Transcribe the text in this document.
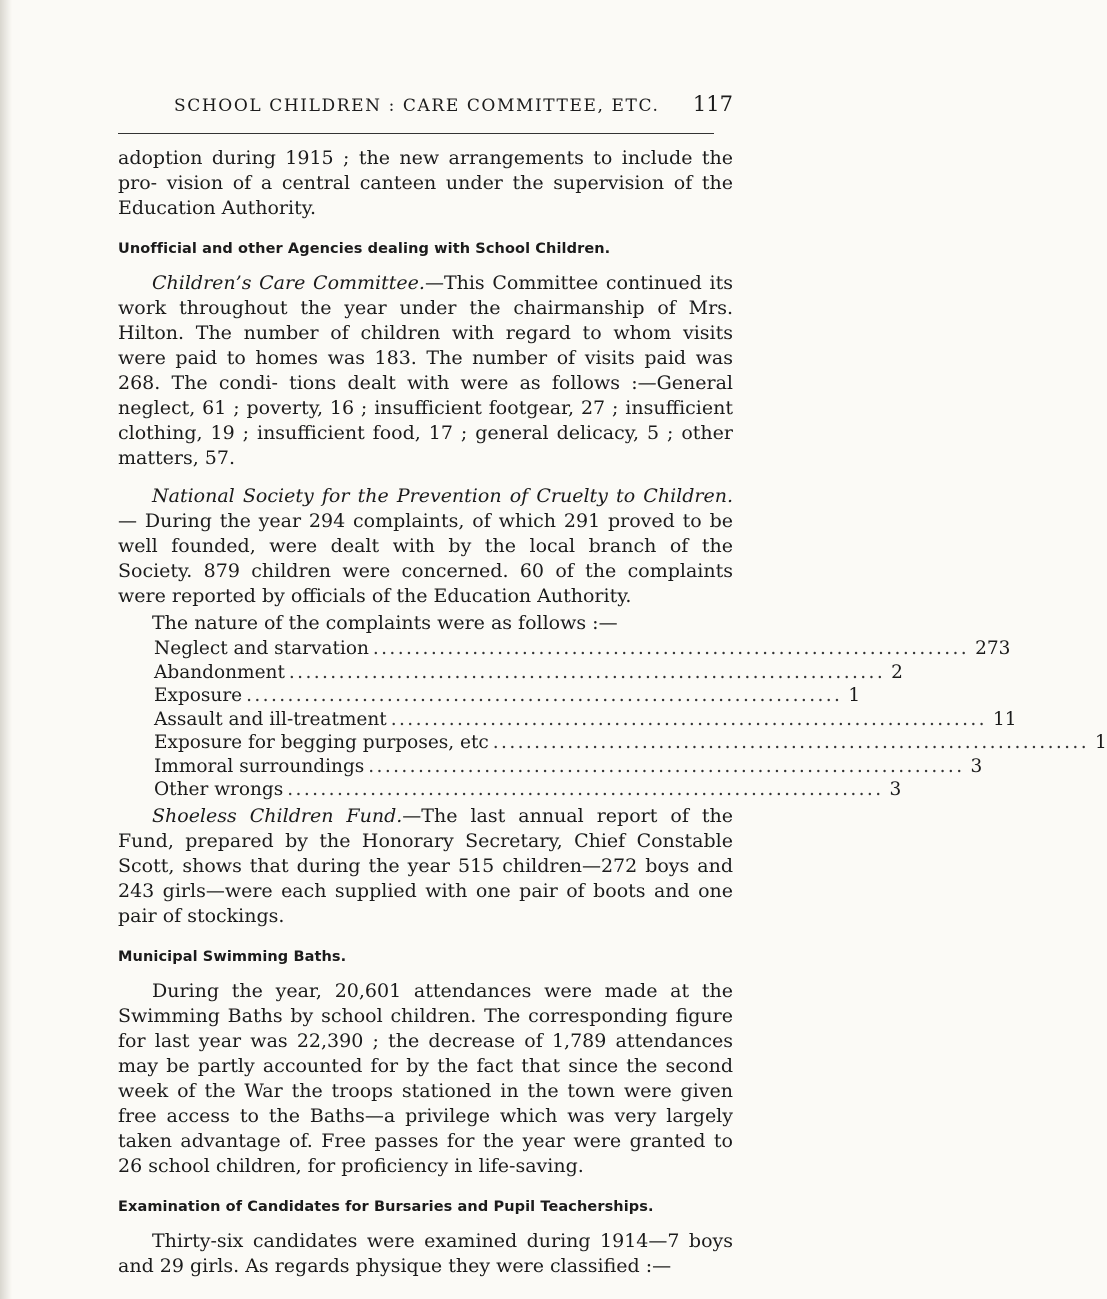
SCHOOL CHILDREN : CARE COMMITTEE, ETC. 117

adoption during 1915 ; the new arrangements to include the pro- vision of a central canteen under the supervision of the Education Authority.

Unofficial and other Agencies dealing with School Children.

Children’s Care Committee.—This Committee continued its work throughout the year under the chairmanship of Mrs. Hilton. The number of children with regard to whom visits were paid to homes was 183. The number of visits paid was 268. The condi- tions dealt with were as follows :—General neglect, 61 ; poverty, 16 ; insufficient footgear, 27 ; insufficient clothing, 19 ; insufficient food, 17 ; general delicacy, 5 ; other matters, 57.

National Society for the Prevention of Cruelty to Children.— During the year 294 complaints, of which 291 proved to be well founded, were dealt with by the local branch of the Society. 879 children were concerned. 60 of the complaints were reported by officials of the Education Authority.

The nature of the complaints were as follows :—

Neglect and starvation ........................................................................ 273
Abandonment ........................................................................ 2
Exposure ........................................................................ 1
Assault and ill-treatment ........................................................................ 11
Exposure for begging purposes, etc ........................................................................ 1
Immoral surroundings ........................................................................ 3
Other wrongs ........................................................................ 3

Shoeless Children Fund.—The last annual report of the Fund, prepared by the Honorary Secretary, Chief Constable Scott, shows that during the year 515 children—272 boys and 243 girls—were each supplied with one pair of boots and one pair of stockings.

Municipal Swimming Baths.

During the year, 20,601 attendances were made at the Swimming Baths by school children. The corresponding figure for last year was 22,390 ; the decrease of 1,789 attendances may be partly accounted for by the fact that since the second week of the War the troops stationed in the town were given free access to the Baths—a privilege which was very largely taken advantage of. Free passes for the year were granted to 26 school children, for proficiency in life-saving.

Examination of Candidates for Bursaries and Pupil Teacherships.

Thirty-six candidates were examined during 1914—7 boys and 29 girls. As regards physique they were classified :—
